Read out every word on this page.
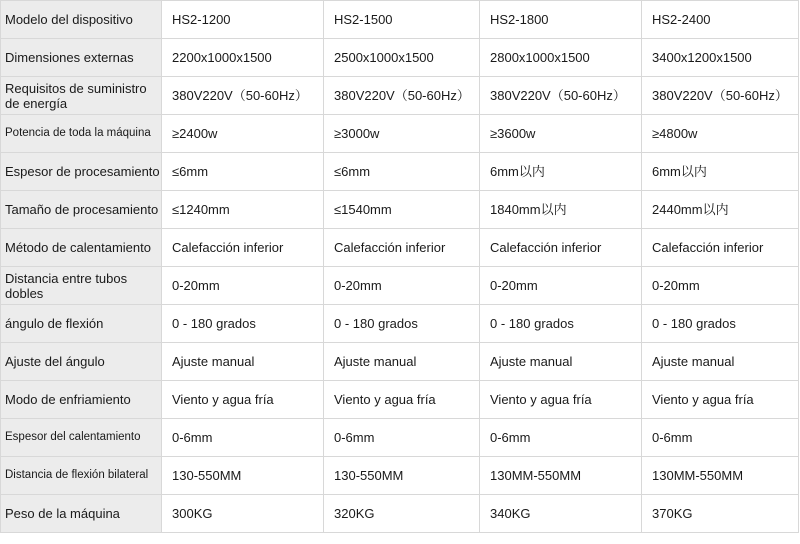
Modelo del dispositivo	HS2-1200	HS2-1500	HS2-1800	HS2-2400
Dimensiones externas	2200x1000x1500	2500x1000x1500	2800x1000x1500	3400x1200x1500
Requisitos de suministro de energía	380V220V（50-60Hz）	380V220V（50-60Hz）	380V220V（50-60Hz）	380V220V（50-60Hz）
Potencia de toda la máquina	≥2400w	≥3000w	≥3600w	≥4800w
Espesor de procesamiento	≤6mm	≤6mm	6mm以内	6mm以内
Tamaño de procesamiento	≤1240mm	≤1540mm	1840mm以内	2440mm以内
Método de calentamiento	Calefacción inferior	Calefacción inferior	Calefacción inferior	Calefacción inferior
Distancia entre tubos dobles	0-20mm	0-20mm	0-20mm	0-20mm
ángulo de flexión	0 - 180 grados	0 - 180 grados	0 - 180 grados	0 - 180 grados
Ajuste del ángulo	Ajuste manual	Ajuste manual	Ajuste manual	Ajuste manual
Modo de enfriamiento	Viento y agua fría	Viento y agua fría	Viento y agua fría	Viento y agua fría
Espesor del calentamiento	0-6mm	0-6mm	0-6mm	0-6mm
Distancia de flexión bilateral	130-550MM	130-550MM	130MM-550MM	130MM-550MM
Peso de la máquina	300KG	320KG	340KG	370KG
